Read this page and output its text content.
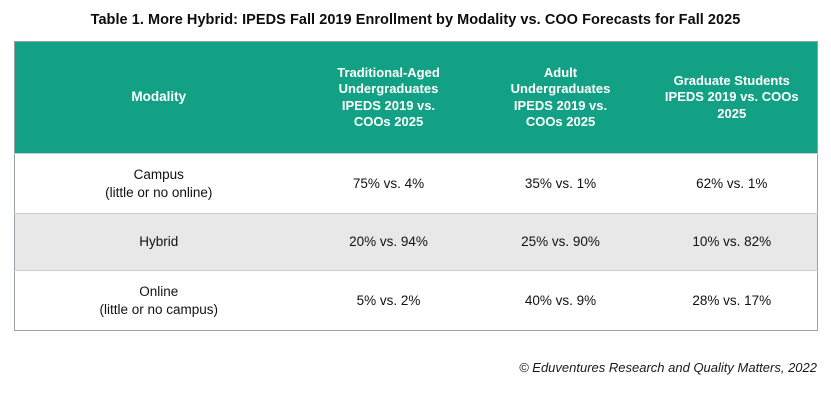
Table 1. More Hybrid: IPEDS Fall 2019 Enrollment by Modality vs. COO Forecasts for Fall 2025
Modality	Traditional-Aged
Undergraduates
IPEDS 2019 vs.
COOs 2025	Adult
Undergraduates
IPEDS 2019 vs.
COOs 2025	Graduate Students
IPEDS 2019 vs. COOs
2025

Campus
(little or no online)	75% vs. 4%	35% vs. 1%	62% vs. 1%

Hybrid	20% vs. 94%	25% vs. 90%	10% vs. 82%

Online
(little or no campus)	5% vs. 2%	40% vs. 9%	28% vs. 17%
© Eduventures Research and Quality Matters, 2022
